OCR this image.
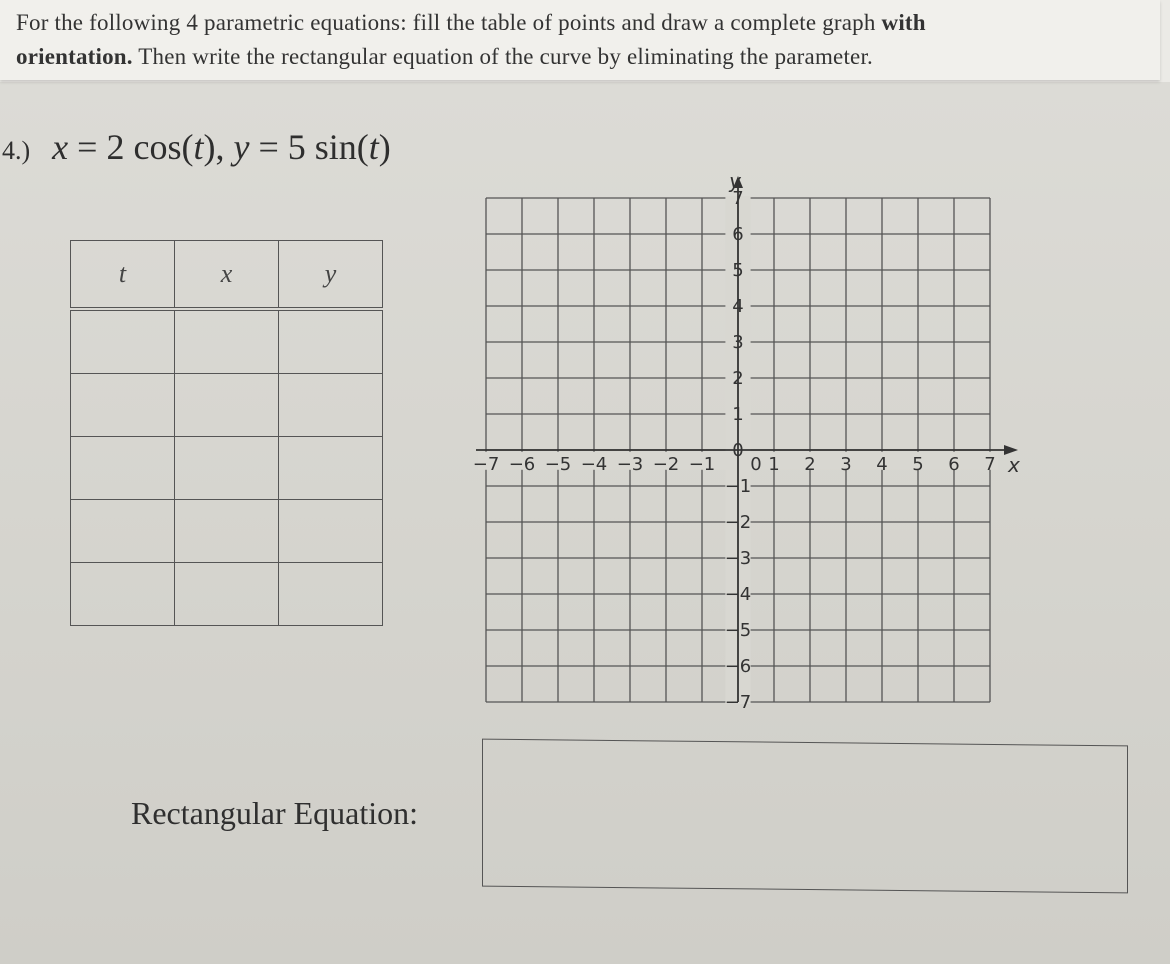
For the following 4 parametric equations: fill the table of points and draw a complete graph with
orientation. Then write the rectangular equation of the curve by eliminating the parameter.
4.) x = 2 cos(t), y = 5 sin(t)
t	x	y

−7 −6 −5 −4 −3 −2 −1	1 2 3 4 5 6 7
7
6
5
4
3
2
1
0
−1
−2
−3
−4
−5
−6
−7
0	x
y
Rectangular Equation:
